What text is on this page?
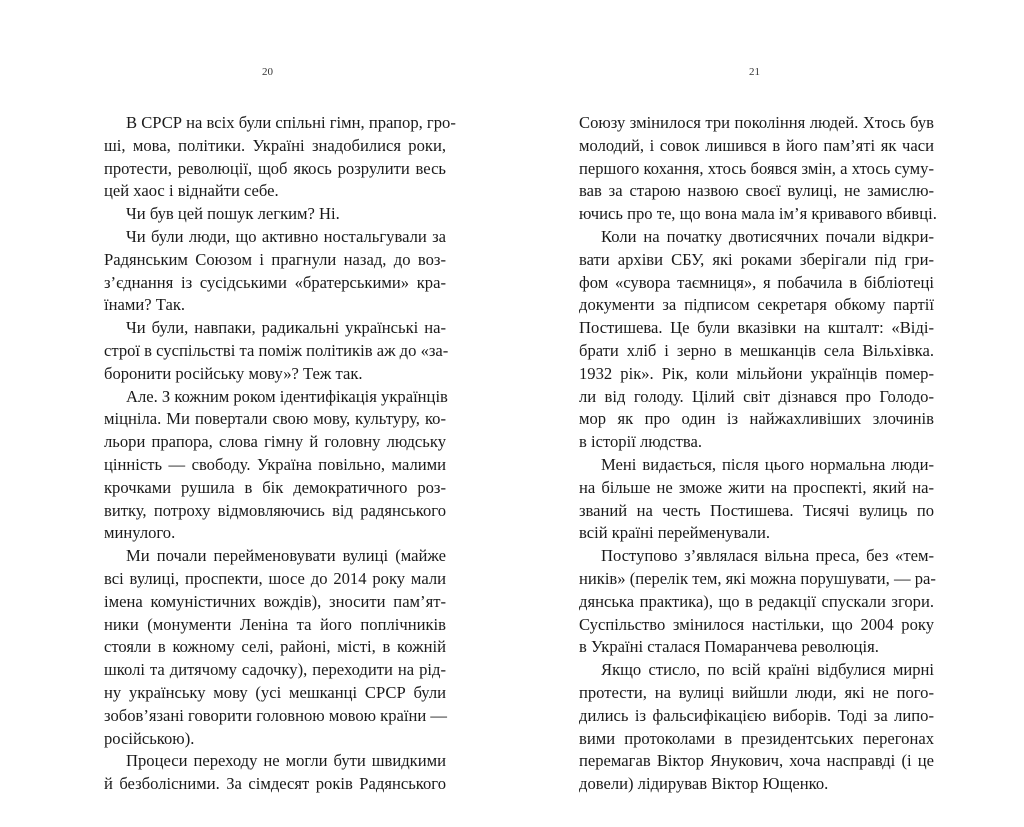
20	21
В СРСР на всіх були спільні гімн, прапор, гро-
ші, мова, політики. Україні знадобилися роки,
протести, революції, щоб якось розрулити весь
цей хаос і віднайти себе.
Чи був цей пошук легким? Ні.
Чи були люди, що активно ностальгували за
Радянським Союзом і прагнули назад, до воз-
з’єднання із сусідськими «братерськими» кра-
їнами? Так.
Чи були, навпаки, радикальні українські на-
строї в суспільстві та поміж політиків аж до «за-
боронити російську мову»? Теж так.
Але. З кожним роком ідентифікація українців
міцніла. Ми повертали свою мову, культуру, ко-
льори прапора, слова гімну й головну людську
цінність — свободу. Україна повільно, малими
крочками рушила в бік демократичного роз-
витку, потроху відмовляючись від радянського
минулого.
Ми почали перейменовувати вулиці (майже
всі вулиці, проспекти, шосе до 2014 року мали
імена комуністичних вождів), зносити пам’ят-
ники (монументи Леніна та його поплічників
стояли в кожному селі, районі, місті, в кожній
школі та дитячому садочку), переходити на рід-
ну українську мову (усі мешканці СРСР були
зобов’язані говорити головною мовою країни —
російською).
Процеси переходу не могли бути швидкими
й безболісними. За сімдесят років Радянського
Союзу змінилося три покоління людей. Хтось був
молодий, і совок лишився в його пам’яті як часи
першого кохання, хтось боявся змін, а хтось суму-
вав за старою назвою своєї вулиці, не замислю-
ючись про те, що вона мала ім’я кривавого вбивці.
Коли на початку двотисячних почали відкри-
вати архіви СБУ, які роками зберігали під гри-
фом «сувора таємниця», я побачила в бібліотеці
документи за підписом секретаря обкому партії
Постишева. Це були вказівки на кшталт: «Віді-
брати хліб і зерно в мешканців села Вільхівка.
1932 рік». Рік, коли мільйони українців помер-
ли від голоду. Цілий світ дізнався про Голодо-
мор як про один із найжахливіших злочинів
в історії людства.
Мені видається, після цього нормальна люди-
на більше не зможе жити на проспекті, який на-
званий на честь Постишева. Тисячі вулиць по
всій країні перейменували.
Поступово з’являлася вільна преса, без «тем-
ників» (перелік тем, які можна порушувати, — ра-
дянська практика), що в редакції спускали згори.
Суспільство змінилося настільки, що 2004 року
в Україні сталася Помаранчева революція.
Якщо стисло, по всій країні відбулися мирні
протести, на вулиці вийшли люди, які не пого-
дились із фальсифікацією виборів. Тоді за липо-
вими протоколами в президентських перегонах
перемагав Віктор Янукович, хоча насправді (і це
довели) лідирував Віктор Ющенко.
